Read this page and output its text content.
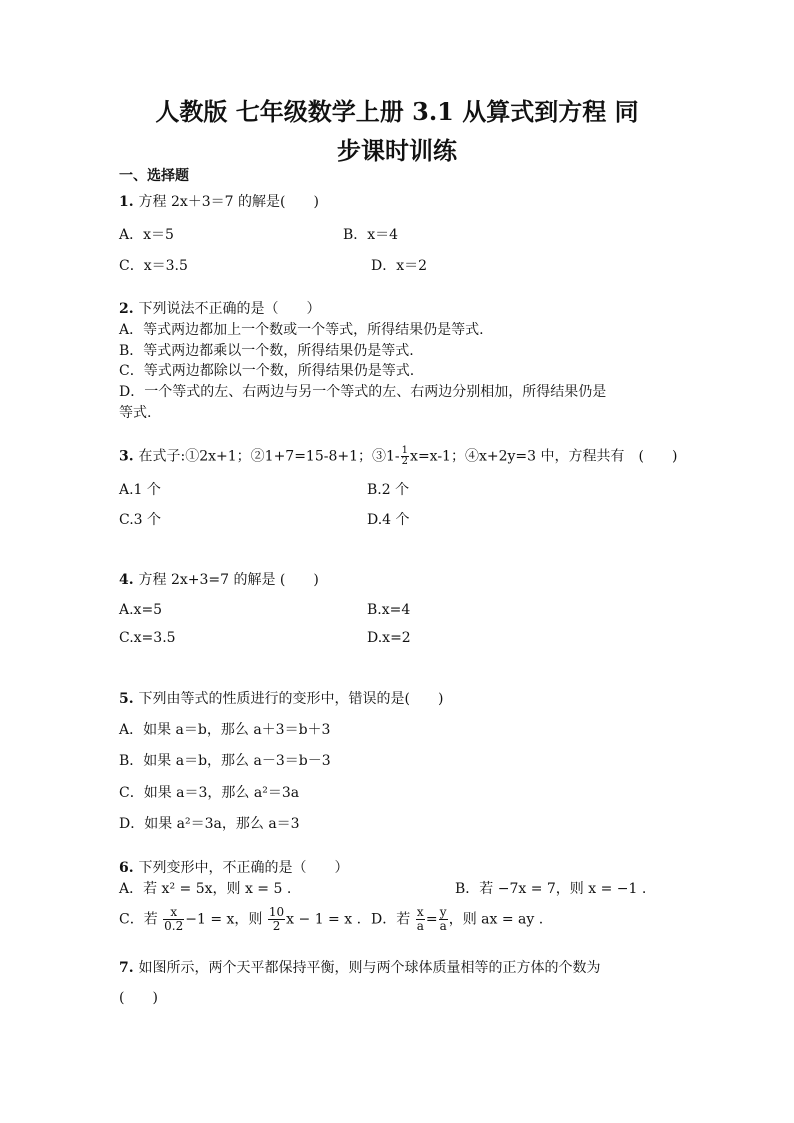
人教版 七年级数学上册 3.1 从算式到方程 同
步课时训练
一、选择题
1. 方程 2x＋3＝7 的解是(　　)
A．x＝5	B．x＝4
C．x＝3.5	D．x＝2
2. 下列说法不正确的是（　　）
A．等式两边都加上一个数或一个等式，所得结果仍是等式.
B．等式两边都乘以一个数，所得结果仍是等式.
C．等式两边都除以一个数，所得结果仍是等式.
D．一个等式的左、右两边与另一个等式的左、右两边分别相加，所得结果仍是
等式.
3. 在式子:①2x+1；②1+7=15-8+1；③1- $\frac{1}{2} x=x-1$；④x+2y=3 中，方程共有　(　　)
A.1 个	B.2 个
C.3 个	D.4 个
4. 方程 2x+3=7 的解是 (　　)
A.x=5	B.x=4
C.x=3.5	D.x=2
5. 下列由等式的性质进行的变形中，错误的是(　　)
A．如果 a＝b，那么 a＋3＝b＋3
B．如果 a＝b，那么 a－3＝b－3
C．如果 a＝3，那么 a²＝3a
D．如果 a²＝3a，那么 a＝3
6. 下列变形中，不正确的是（　　）
A．若 x² = 5x，则 x = 5 .	B．若 −7x = 7，则 x = −1 .
C．若 $\frac{x}{0.2} -1 = x$，则 $\frac{10}{2}$ x − 1 = x . D．若 $\frac{x}{a} = \frac{y}{a}$ ，则 ax = ay .
7. 如图所示，两个天平都保持平衡，则与两个球体质量相等的正方体的个数为
(　　)
